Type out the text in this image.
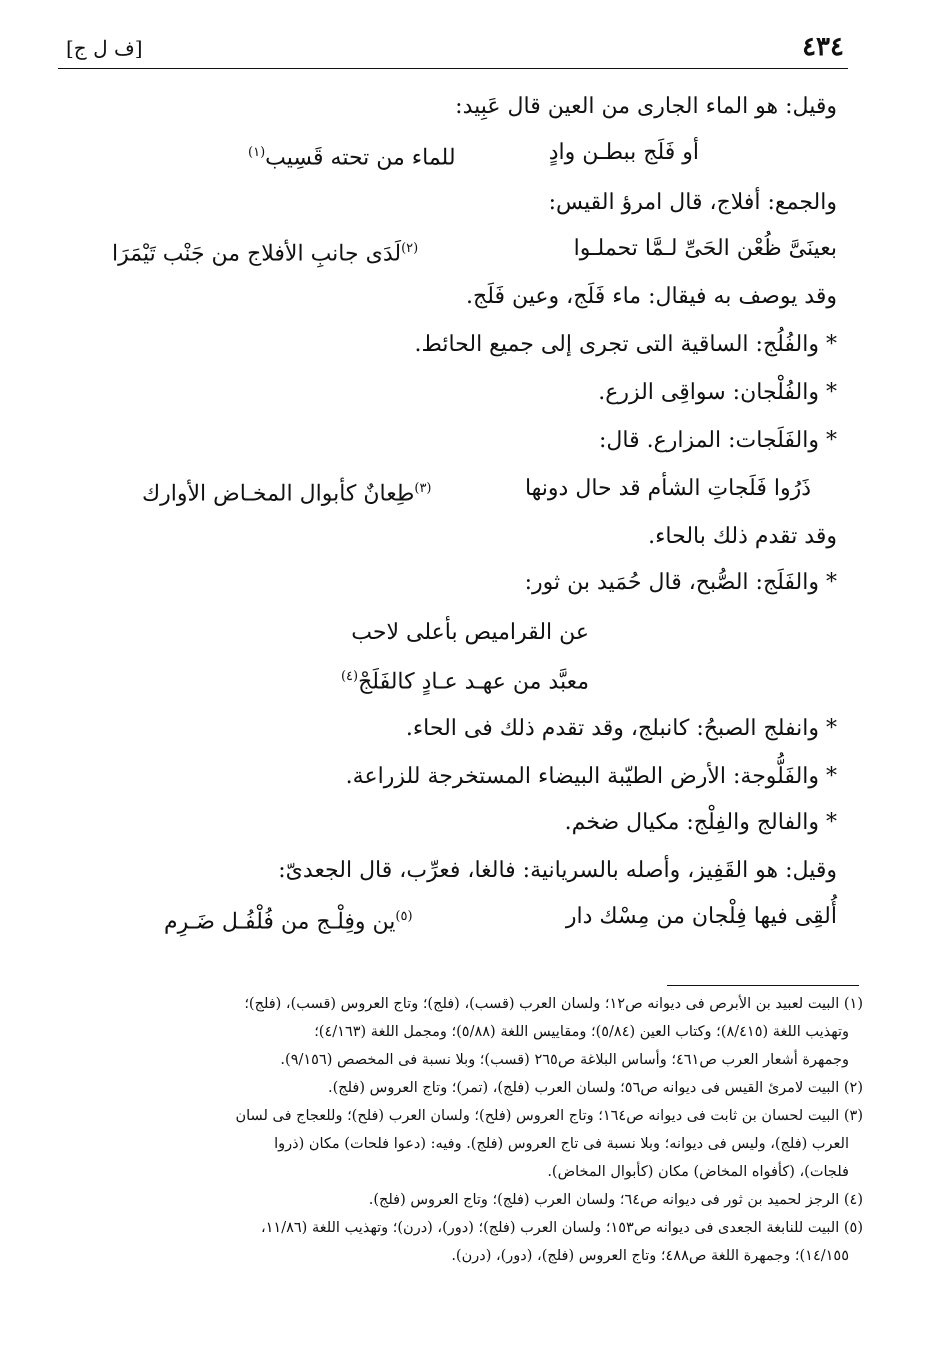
٤٣٤
[ف ل ج]
وقيل: هو الماء الجارى من العين قال عَبِيد:
أو فَلَج ببطـن وادٍ
للماء من تحته قَسِيب$^{(١)}$
والجمع: أفلاج، قال امرؤ القيس:
بعينَىَّ ظُعْن الحَىِّ لـمَّا تحملـوا
$^{(٢)}$لَدَى جانبِ الأفلاج من جَنْب تَيْمَرَا
وقد يوصف به فيقال: ماء فَلَج، وعين فَلَج.
* والفُلُج: الساقية التى تجرى إلى جميع الحائط.
* والفُلْجان: سواقِى الزرع.
* والفَلَجات: المزارع. قال:
ذَرُوا فَلَجاتِ الشأم قد حال دونها
$^{(٣)}$طِعانٌ كأبوال المخـاض الأوارك
وقد تقدم ذلك بالحاء.
* والفَلَج: الصُّبح، قال حُمَيد بن ثور:
عن القراميص بأعلى لاحب
معبَّد من عهـد عـادٍ كالفَلَجْ$^{(٤)}$
* وانفلج الصبحُ: كانبلج، وقد تقدم ذلك فى الحاء.
* والفَلُّوجة: الأرض الطيّبة البيضاء المستخرجة للزراعة.
* والفالج والفِلْج: مكيال ضخم.
وقيل: هو القَفِيز، وأصله بالسريانية: فالغا، فعرِّب، قال الجعدىّ:
أُلقِى فيها فِلْجان من مِسْك دار
$^{(٥)}$ين وفِلْـج من فُلْفُـل ضَـرِم
(١) البيت لعبيد بن الأبرص فى ديوانه ص١٢؛ ولسان العرب (قسب)، (فلج)؛ وتاج العروس (قسب)، (فلج)؛
وتهذيب اللغة (٨/٤١٥)؛ وكتاب العين (٥/٨٤)؛ ومقاييس اللغة (٥/٨٨)؛ ومجمل اللغة (٤/١٦٣)؛
وجمهرة أشعار العرب ص٤٦١؛ وأساس البلاغة ص٢٦٥ (قسب)؛ وبلا نسبة فى المخصص (٩/١٥٦).
(٢) البيت لامرئ القيس فى ديوانه ص٥٦؛ ولسان العرب (فلج)، (تمر)؛ وتاج العروس (فلج).
(٣) البيت لحسان بن ثابت فى ديوانه ص١٦٤؛ وتاج العروس (فلح)؛ ولسان العرب (فلح)؛ وللعجاج فى لسان
العرب (فلج)، وليس فى ديوانه؛ وبلا نسبة فى تاج العروس (فلج). وفيه: (دعوا فلحات) مكان (ذروا
فلجات)، (كأفواه المخاض) مكان (كأبوال المخاض).
(٤) الرجز لحميد بن ثور فى ديوانه ص٦٤؛ ولسان العرب (فلج)؛ وتاج العروس (فلج).
(٥) البيت للنابغة الجعدى فى ديوانه ص١٥٣؛ ولسان العرب (فلج)؛ (دور)، (درن)؛ وتهذيب اللغة (١١/٨٦،
١٤/١٥٥)؛ وجمهرة اللغة ص٤٨٨؛ وتاج العروس (فلج)، (دور)، (درن).
